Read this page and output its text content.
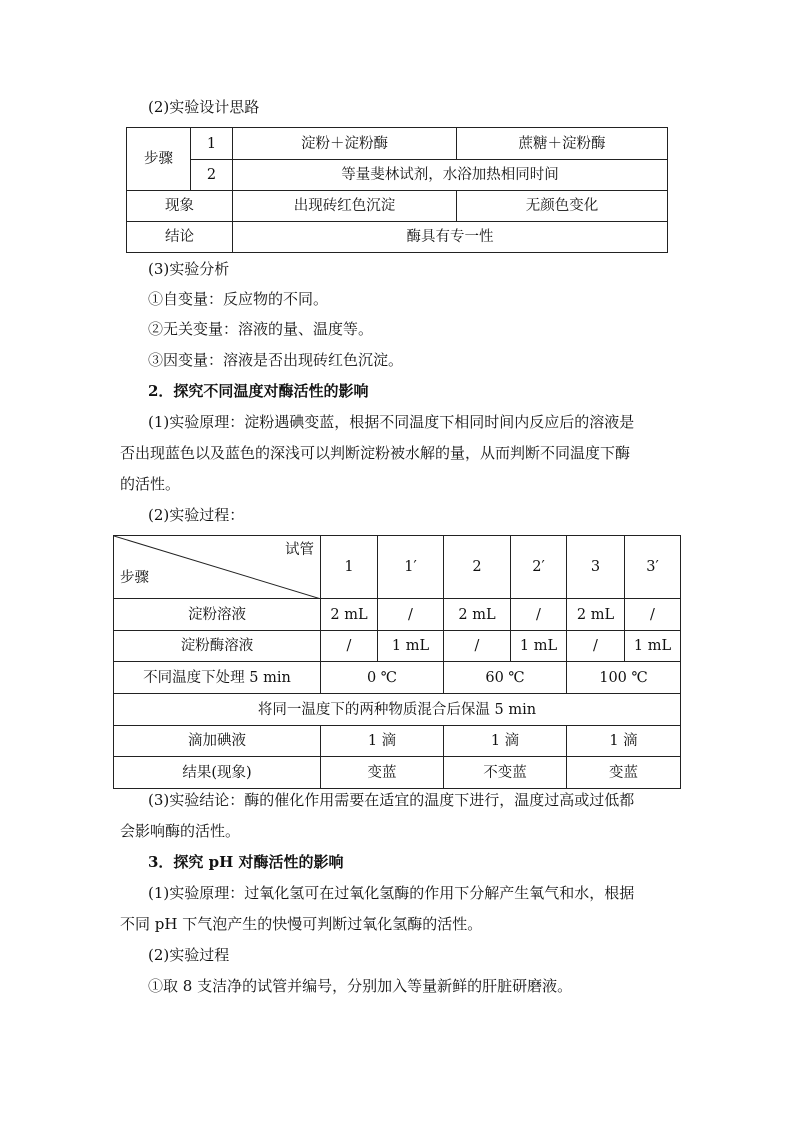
(2)实验设计思路
步骤	1	淀粉＋淀粉酶	蔗糖＋淀粉酶
	2	等量斐林试剂，水浴加热相同时间	
现象		出现砖红色沉淀	无颜色变化
结论		酶具有专一性	
(3)实验分析
①自变量：反应物的不同。
②无关变量：溶液的量、温度等。
③因变量：溶液是否出现砖红色沉淀。
2．探究不同温度对酶活性的影响
(1)实验原理：淀粉遇碘变蓝，根据不同温度下相同时间内反应后的溶液是
否出现蓝色以及蓝色的深浅可以判断淀粉被水解的量，从而判断不同温度下酶
的活性。
(2)实验过程：
试管
步骤	1	1′	2	2′	3	3′
淀粉溶液	2 mL	/	2 mL	/	2 mL	/
淀粉酶溶液	/	1 mL	/	1 mL	/	1 mL
不同温度下处理 5 min	0 ℃		60 ℃		100 ℃	
将同一温度下的两种物质混合后保温 5 min						
滴加碘液	1 滴		1 滴		1 滴	
结果(现象)	变蓝		不变蓝		变蓝	
(3)实验结论：酶的催化作用需要在适宜的温度下进行，温度过高或过低都
会影响酶的活性。
3．探究 pH 对酶活性的影响
(1)实验原理：过氧化氢可在过氧化氢酶的作用下分解产生氧气和水，根据
不同 pH 下气泡产生的快慢可判断过氧化氢酶的活性。
(2)实验过程
①取 8 支洁净的试管并编号，分别加入等量新鲜的肝脏研磨液。
